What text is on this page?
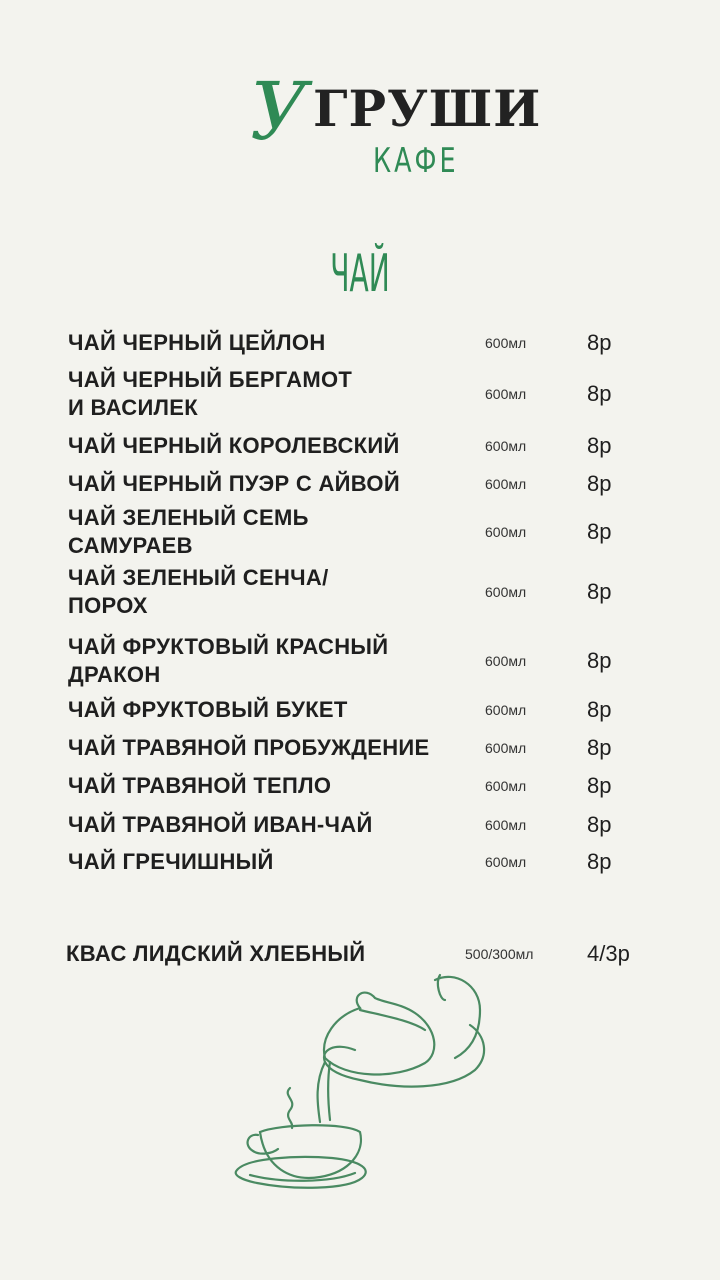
У ГРУШИ
КАФЕ
ЧАЙ
ЧАЙ ЧЕРНЫЙ ЦЕЙЛОН	600мл	8р
ЧАЙ ЧЕРНЫЙ БЕРГАМОТ
И ВАСИЛЕК
600мл	8р
ЧАЙ ЧЕРНЫЙ КОРОЛЕВСКИЙ	600мл	8р
ЧАЙ ЧЕРНЫЙ ПУЭР С АЙВОЙ	600мл	8р
ЧАЙ ЗЕЛЕНЫЙ СЕМЬ
САМУРАЕВ
600мл	8р
ЧАЙ ЗЕЛЕНЫЙ СЕНЧА/
ПОРОХ
600мл	8р
ЧАЙ ФРУКТОВЫЙ КРАСНЫЙ
ДРАКОН
600мл	8р
ЧАЙ ФРУКТОВЫЙ БУКЕТ	600мл	8р
ЧАЙ ТРАВЯНОЙ ПРОБУЖДЕНИЕ	600мл	8р
ЧАЙ ТРАВЯНОЙ ТЕПЛО	600мл	8р
ЧАЙ ТРАВЯНОЙ ИВАН-ЧАЙ	600мл	8р
ЧАЙ ГРЕЧИШНЫЙ	600мл	8р
КВАС ЛИДСКИЙ ХЛЕБНЫЙ	500/300мл 4/3р
